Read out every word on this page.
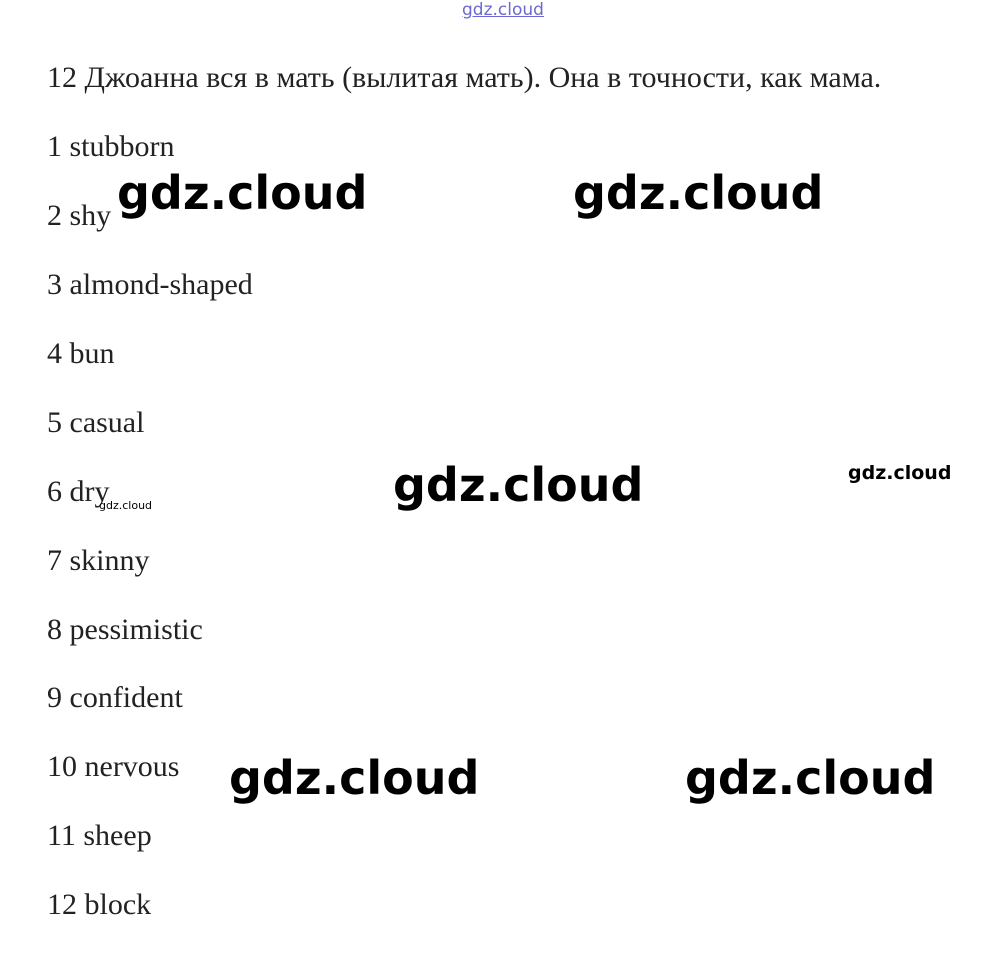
gdz.cloud
12 Джоанна вся в мать (вылитая мать). Она в точности, как мама.
1 stubborn
2 shy
3 almond-shaped
4 bun
5 casual
6 dry
7 skinny
8 pessimistic
9 confident
10 nervous
11 sheep
12 block
gdz.cloud	gdz.cloud
gdz.cloud	gdz.cloud
gdz.cloud
gdz.cloud	gdz.cloud
